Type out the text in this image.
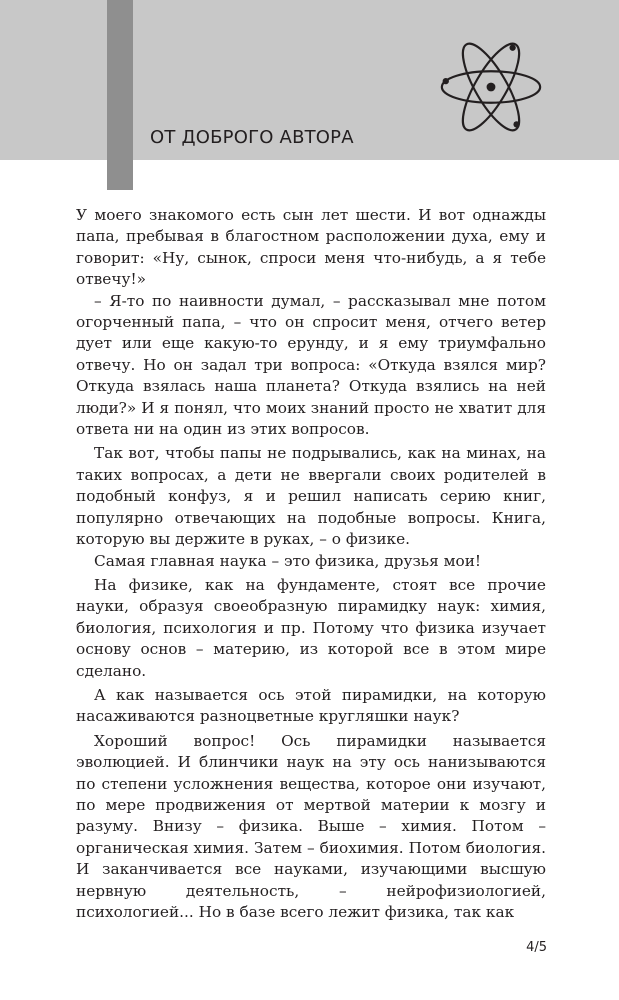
ОТ ДОБРОГО АВТОРА

У моего знакомого есть сын лет шести. И вот однажды папа, пребывая в благостном расположении духа, ему и говорит: «Ну, сынок, спроси меня что-нибудь, а я тебе отвечу!»

– Я-то по наивности думал, – рассказывал мне потом огорченный папа, – что он спросит меня, отчего ветер дует или еще какую-то ерунду, и я ему триумфально отвечу. Но он задал три вопроса: «Откуда взялся мир? Откуда взялась наша планета? Откуда взялись на ней люди?» И я понял, что моих знаний просто не хватит для ответа ни на один из этих вопросов.

Так вот, чтобы папы не подрывались, как на минах, на таких вопросах, а дети не ввергали своих родителей в подобный конфуз, я и решил написать серию книг, популярно отвечающих на подобные вопросы. Книга, которую вы держите в руках, – о физике.

Самая главная наука – это физика, друзья мои!

На физике, как на фундаменте, стоят все прочие науки, образуя своеобразную пирамидку наук: химия, биология, психология и пр. Потому что физика изучает основу основ – материю, из которой все в этом мире сделано.

А как называется ось этой пирамидки, на которую насаживаются разноцветные кругляшки наук?

Хороший вопрос! Ось пирамидки называется эволюцией. И блинчики наук на эту ось нанизываются по степени усложнения вещества, которое они изучают, по мере продвижения от мертвой материи к мозгу и разуму. Внизу – физика. Выше – химия. Потом – органическая химия. Затем – биохимия. Потом биология. И заканчивается все науками, изучающими высшую нервную деятельность, – нейрофизиологией, психологией... Но в базе всего лежит физика, так как

4/5
